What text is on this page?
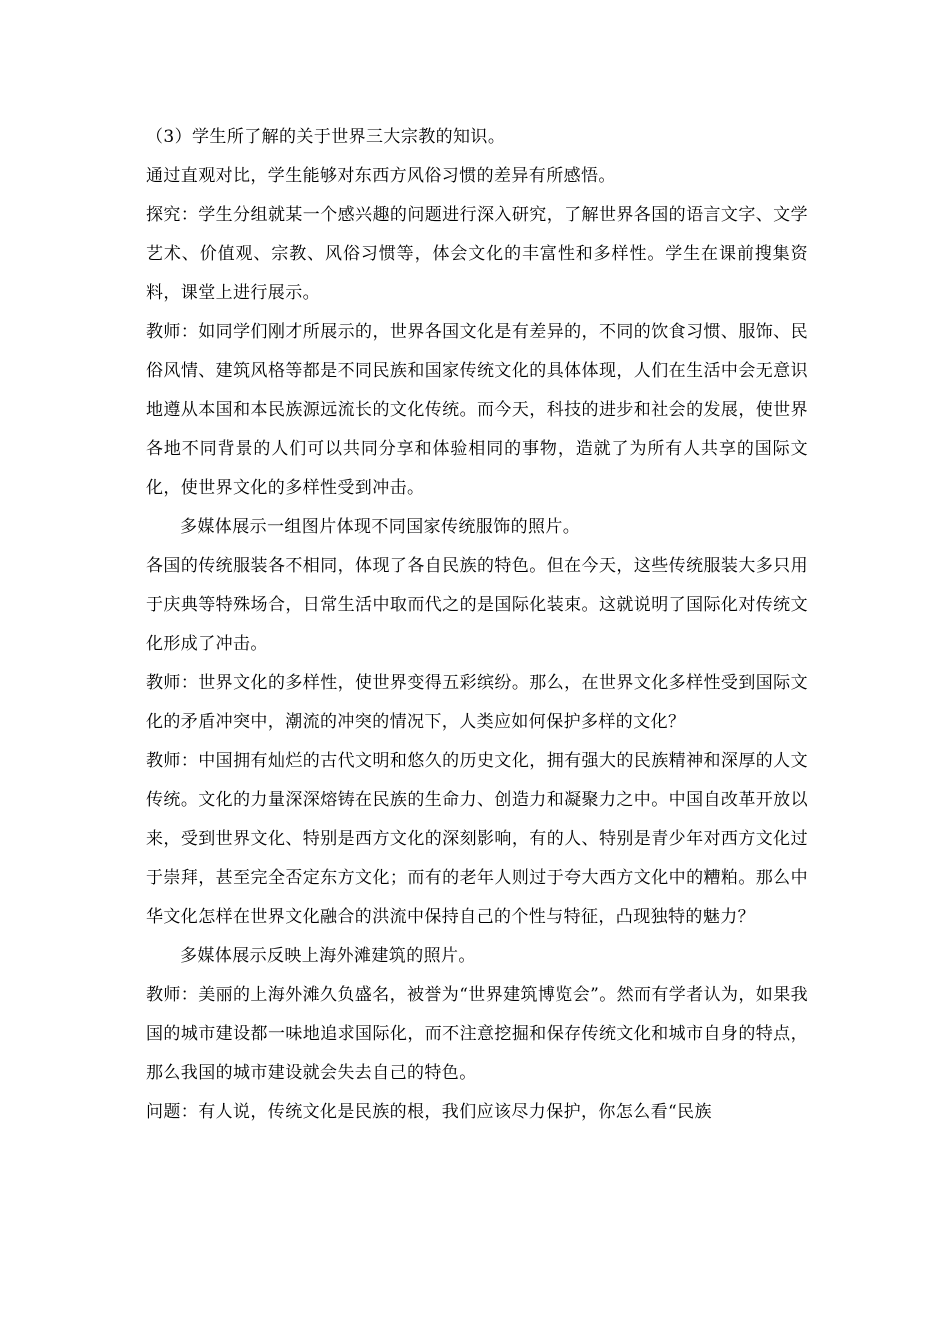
（3）学生所了解的关于世界三大宗教的知识。

通过直观对比，学生能够对东西方风俗习惯的差异有所感悟。

探究：学生分组就某一个感兴趣的问题进行深入研究，了解世界各国的语言文字、文学艺术、价值观、宗教、风俗习惯等，体会文化的丰富性和多样性。学生在课前搜集资料，课堂上进行展示。

教师：如同学们刚才所展示的，世界各国文化是有差异的，不同的饮食习惯、服饰、民俗风情、建筑风格等都是不同民族和国家传统文化的具体体现，人们在生活中会无意识地遵从本国和本民族源远流长的文化传统。而今天，科技的进步和社会的发展，使世界各地不同背景的人们可以共同分享和体验相同的事物，造就了为所有人共享的国际文化，使世界文化的多样性受到冲击。

多媒体展示一组图片体现不同国家传统服饰的照片。

各国的传统服装各不相同，体现了各自民族的特色。但在今天，这些传统服装大多只用于庆典等特殊场合，日常生活中取而代之的是国际化装束。这就说明了国际化对传统文化形成了冲击。

教师：世界文化的多样性，使世界变得五彩缤纷。那么，在世界文化多样性受到国际文化的矛盾冲突中，潮流的冲突的情况下，人类应如何保护多样的文化？

教师：中国拥有灿烂的古代文明和悠久的历史文化，拥有强大的民族精神和深厚的人文传统。文化的力量深深熔铸在民族的生命力、创造力和凝聚力之中。中国自改革开放以来，受到世界文化、特别是西方文化的深刻影响，有的人、特别是青少年对西方文化过于崇拜，甚至完全否定东方文化；而有的老年人则过于夸大西方文化中的糟粕。那么中华文化怎样在世界文化融合的洪流中保持自己的个性与特征，凸现独特的魅力？

多媒体展示反映上海外滩建筑的照片。

教师：美丽的上海外滩久负盛名，被誉为“世界建筑博览会”。然而有学者认为，如果我国的城市建设都一味地追求国际化，而不注意挖掘和保存传统文化和城市自身的特点，那么我国的城市建设就会失去自己的特色。

问题：有人说，传统文化是民族的根，我们应该尽力保护，你怎么看“民族
